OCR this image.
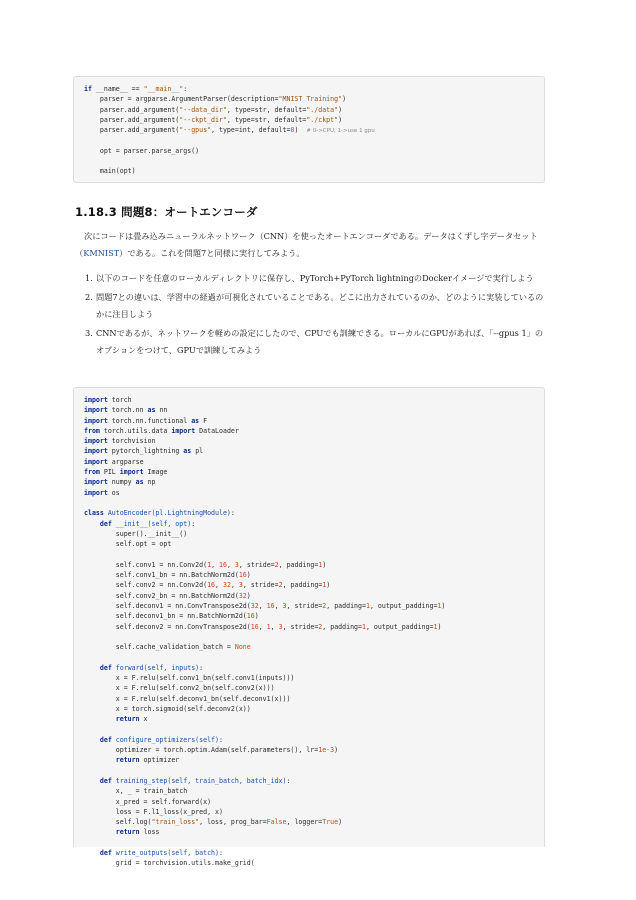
if __name__ == "__main__":
parser = argparse.ArgumentParser(description="MNIST Training")
parser.add_argument("--data_dir", type=str, default="./data")
parser.add_argument("--ckpt_dir", type=str, default="./ckpt")
parser.add_argument("--gpus", type=int, default=0)  # 0->CPU, 1->use 1 gpu
opt = parser.parse_args()
main(opt)
1.18.3 問題8：オートエンコーダ
次にコードは畳み込みニューラルネットワーク（CNN）を使ったオートエンコーダである。データはくずし字データセット（KMNIST）である。これを問題7と同様に実行してみよう。
1. 以下のコードを任意のローカルディレクトリに保存し、PyTorch+PyTorch lightningのDockerイメージで実行しよう
2. 問題7との違いは、学習中の経過が可視化されていることである。どこに出力されているのか、どのように実装しているのかに注目しよう
3. CNNであるが、ネットワークを軽めの設定にしたので、CPUでも訓練できる。ローカルにGPUがあれば、「--gpus 1」のオプションをつけて、GPUで訓練してみよう
import torch
import torch.nn as nn
import torch.nn.functional as F
from torch.utils.data import DataLoader
import torchvision
import pytorch_lightning as pl
import argparse
from PIL import Image
import numpy as np
import os
class AutoEncoder(pl.LightningModule):
def __init__(self, opt):
super().__init__()
self.opt = opt
self.conv1 = nn.Conv2d(1, 16, 3, stride=2, padding=1)
self.conv1_bn = nn.BatchNorm2d(16)
self.conv2 = nn.Conv2d(16, 32, 3, stride=2, padding=1)
self.conv2_bn = nn.BatchNorm2d(32)
self.deconv1 = nn.ConvTranspose2d(32, 16, 3, stride=2, padding=1, output_padding=1)
self.deconv1_bn = nn.BatchNorm2d(16)
self.deconv2 = nn.ConvTranspose2d(16, 1, 3, stride=2, padding=1, output_padding=1)
self.cache_validation_batch = None
def forward(self, inputs):
x = F.relu(self.conv1_bn(self.conv1(inputs)))
x = F.relu(self.conv2_bn(self.conv2(x)))
x = F.relu(self.deconv1_bn(self.deconv1(x)))
x = torch.sigmoid(self.deconv2(x))
return x
def configure_optimizers(self):
optimizer = torch.optim.Adam(self.parameters(), lr=1e-3)
return optimizer
def training_step(self, train_batch, batch_idx):
x, _ = train_batch
x_pred = self.forward(x)
loss = F.l1_loss(x_pred, x)
self.log("train_loss", loss, prog_bar=False, logger=True)
return loss
def write_outputs(self, batch):
grid = torchvision.utils.make_grid(
